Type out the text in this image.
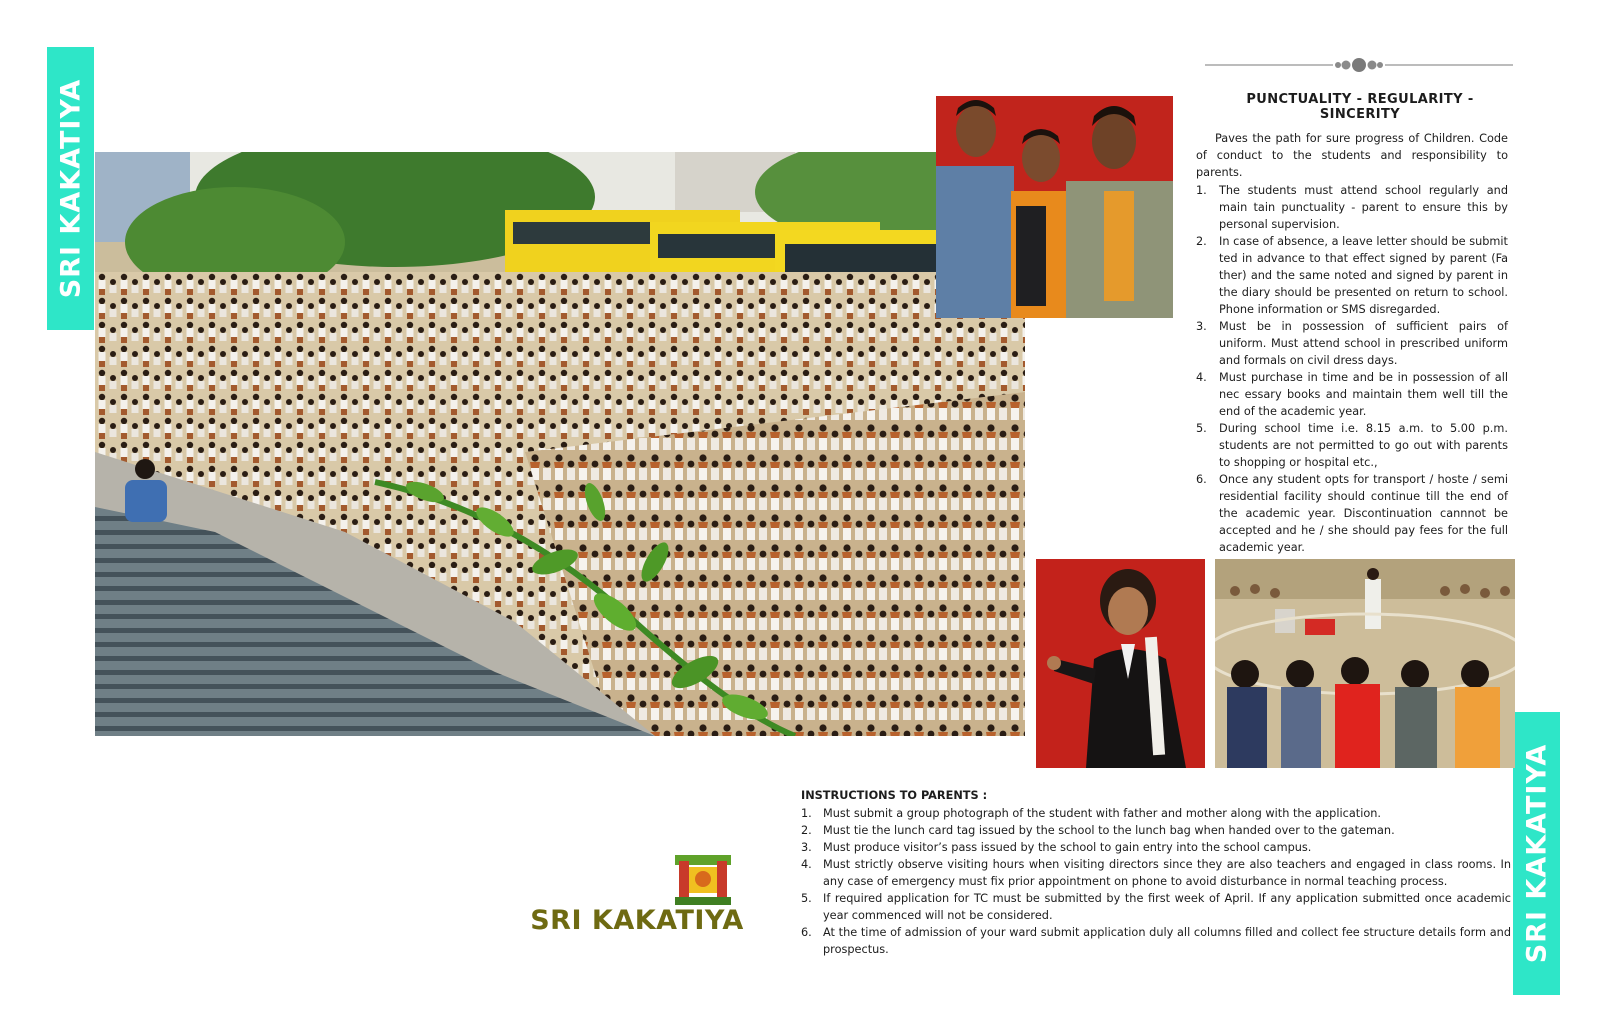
SRI KAKATIYA
SRI KAKATIYA
PUNCTUALITY - REGULARITY - SINCERITY

Paves the path for sure progress of Children. Code of conduct to the students and responsibility to parents.

1.	The students must attend school regularly and main tain punctuality - parent to ensure this by personal supervision.
2.	In case of absence, a leave letter should be submit ted in advance to that effect signed by parent (Fa ther) and the same noted and signed by parent in the diary should be presented on return to school. Phone information or SMS disregarded.
3.	Must be in possession of sufficient pairs of uniform. Must attend school in prescribed uniform and formals on civil dress days.
4.	Must purchase in time and be in possession of all nec essary books and maintain them well till the end of the academic year.
5.	During school time i.e. 8.15 a.m. to 5.00 p.m. students are not permitted to go out with parents to shopping or hospital etc.,
6.	Once any student opts for transport / hoste / semi residential facility should continue till the end of the academic year. Discontinuation cannnot be accepted and he / she should pay fees for the full academic year.
SRI KAKATIYA
INSTRUCTIONS TO PARENTS :
1. Must submit a group photograph of the student with father and mother along with the application.
2. Must tie the lunch card tag issued by the school to the lunch bag when handed over to the gateman.
3. Must produce visitor’s pass issued by the school to gain entry into the school campus.
4. Must strictly observe visiting hours when visiting directors since they are also teachers and engaged in class rooms. In any case of emergency must fix prior appointment on phone to avoid disturbance in normal teaching process.
5. If required application for TC must be submitted by the first week of April. If any application submitted once academic year commenced will not be considered.
6. At the time of admission of your ward submit application duly all columns filled and collect fee structure details form and prospectus.
